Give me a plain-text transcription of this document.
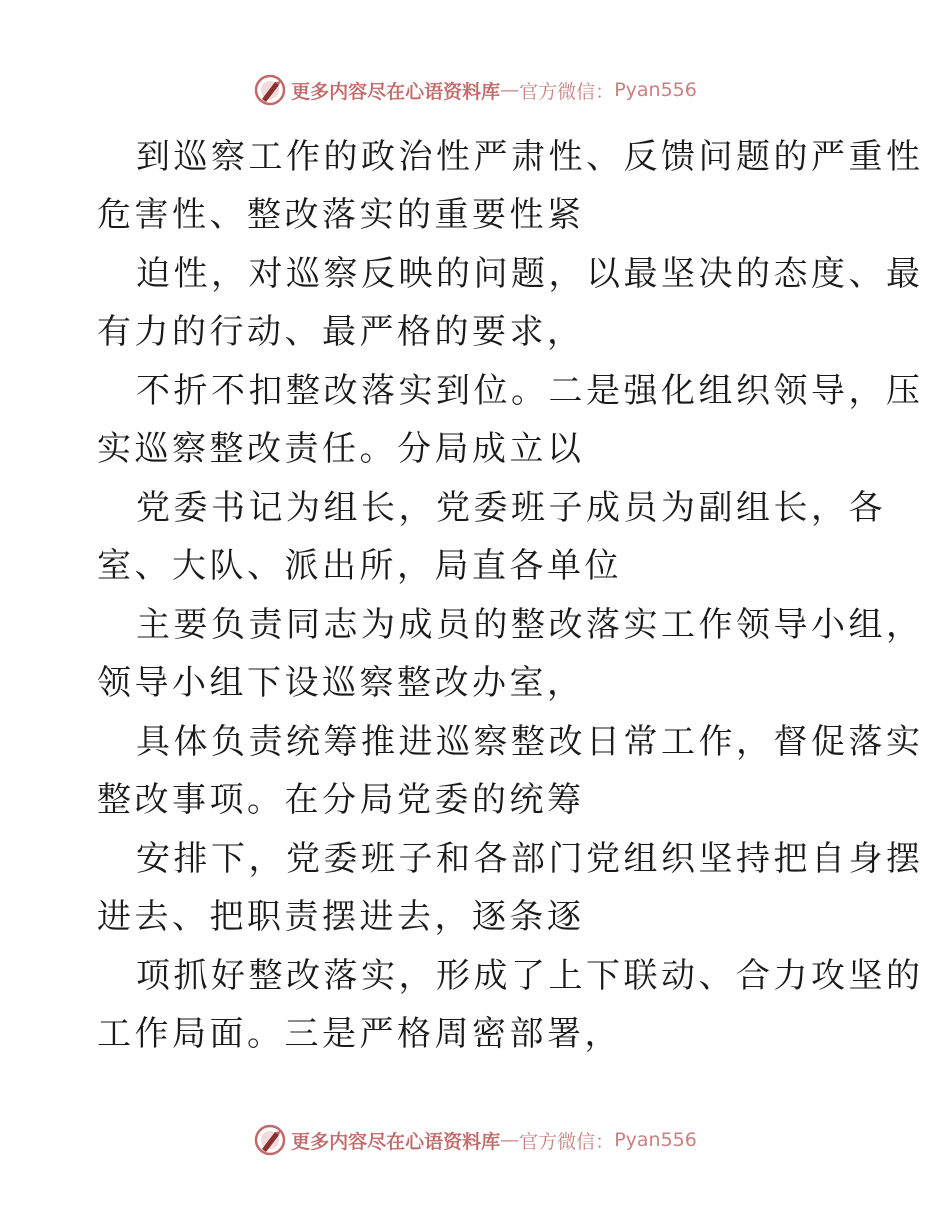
更多内容尽在心语资料库 — 官方微信： Pyan556
到巡察工作的政治性严肃性、反馈问题的严重性
危害性、整改落实的重要性紧
迫性，对巡察反映的问题，以最坚决的态度、最
有力的行动、最严格的要求，
不折不扣整改落实到位。二是强化组织领导，压
实巡察整改责任。分局成立以
党委书记为组长，党委班子成员为副组长，各
室、大队、派出所，局直各单位
主要负责同志为成员的整改落实工作领导小组，
领导小组下设巡察整改办室，
具体负责统筹推进巡察整改日常工作，督促落实
整改事项。在分局党委的统筹
安排下，党委班子和各部门党组织坚持把自身摆
进去、把职责摆进去，逐条逐
项抓好整改落实，形成了上下联动、合力攻坚的
工作局面。三是严格周密部署，
更多内容尽在心语资料库 — 官方微信： Pyan556
